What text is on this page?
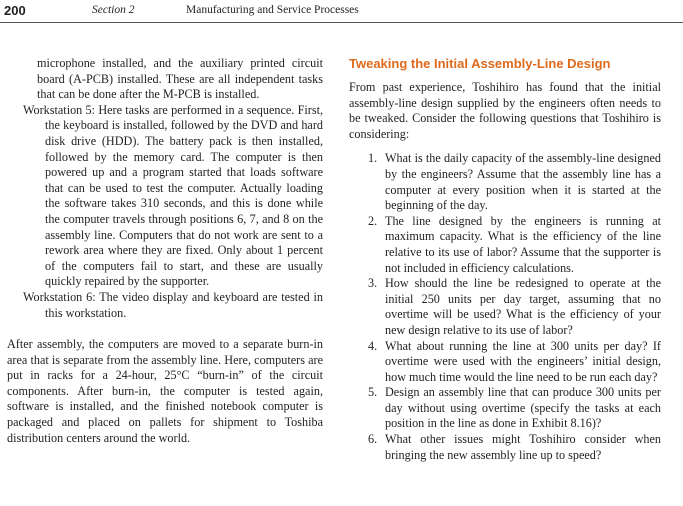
200	Section 2	Manufacturing and Service Processes

microphone installed, and the auxiliary printed circuit board (A-PCB) installed. These are all independent tasks that can be done after the M-PCB is installed.

Workstation 5: Here tasks are performed in a sequence. First, the keyboard is installed, followed by the DVD and hard disk drive (HDD). The battery pack is then installed, followed by the memory card. The computer is then powered up and a program started that loads software that can be used to test the computer. Actually loading the software takes 310 seconds, and this is done while the computer travels through positions 6, 7, and 8 on the assembly line. Computers that do not work are sent to a rework area where they are fixed. Only about 1 percent of the computers fail to start, and these are usually quickly repaired by the supporter.

Workstation 6: The video display and keyboard are tested in this workstation.

After assembly, the computers are moved to a separate burn-in area that is separate from the assembly line. Here, computers are put in racks for a 24-hour, 25°C “burn-in” of the circuit components. After burn-in, the computer is tested again, software is installed, and the finished notebook computer is packaged and placed on pallets for shipment to Toshiba distribution centers around the world.

Tweaking the Initial Assembly-Line Design

From past experience, Toshihiro has found that the initial assembly-line design supplied by the engineers often needs to be tweaked. Consider the following questions that Toshihiro is considering:

1. What is the daily capacity of the assembly-line designed by the engineers? Assume that the assembly line has a computer at every position when it is started at the beginning of the day.
2. The line designed by the engineers is running at maximum capacity. What is the efficiency of the line relative to its use of labor? Assume that the supporter is not included in efficiency calculations.
3. How should the line be redesigned to operate at the initial 250 units per day target, assuming that no overtime will be used? What is the efficiency of your new design relative to its use of labor?
4. What about running the line at 300 units per day? If overtime were used with the engineers’ initial design, how much time would the line need to be run each day?
5. Design an assembly line that can produce 300 units per day without using overtime (specify the tasks at each position in the line as done in Exhibit 8.16)?
6. What other issues might Toshihiro consider when bringing the new assembly line up to speed?
